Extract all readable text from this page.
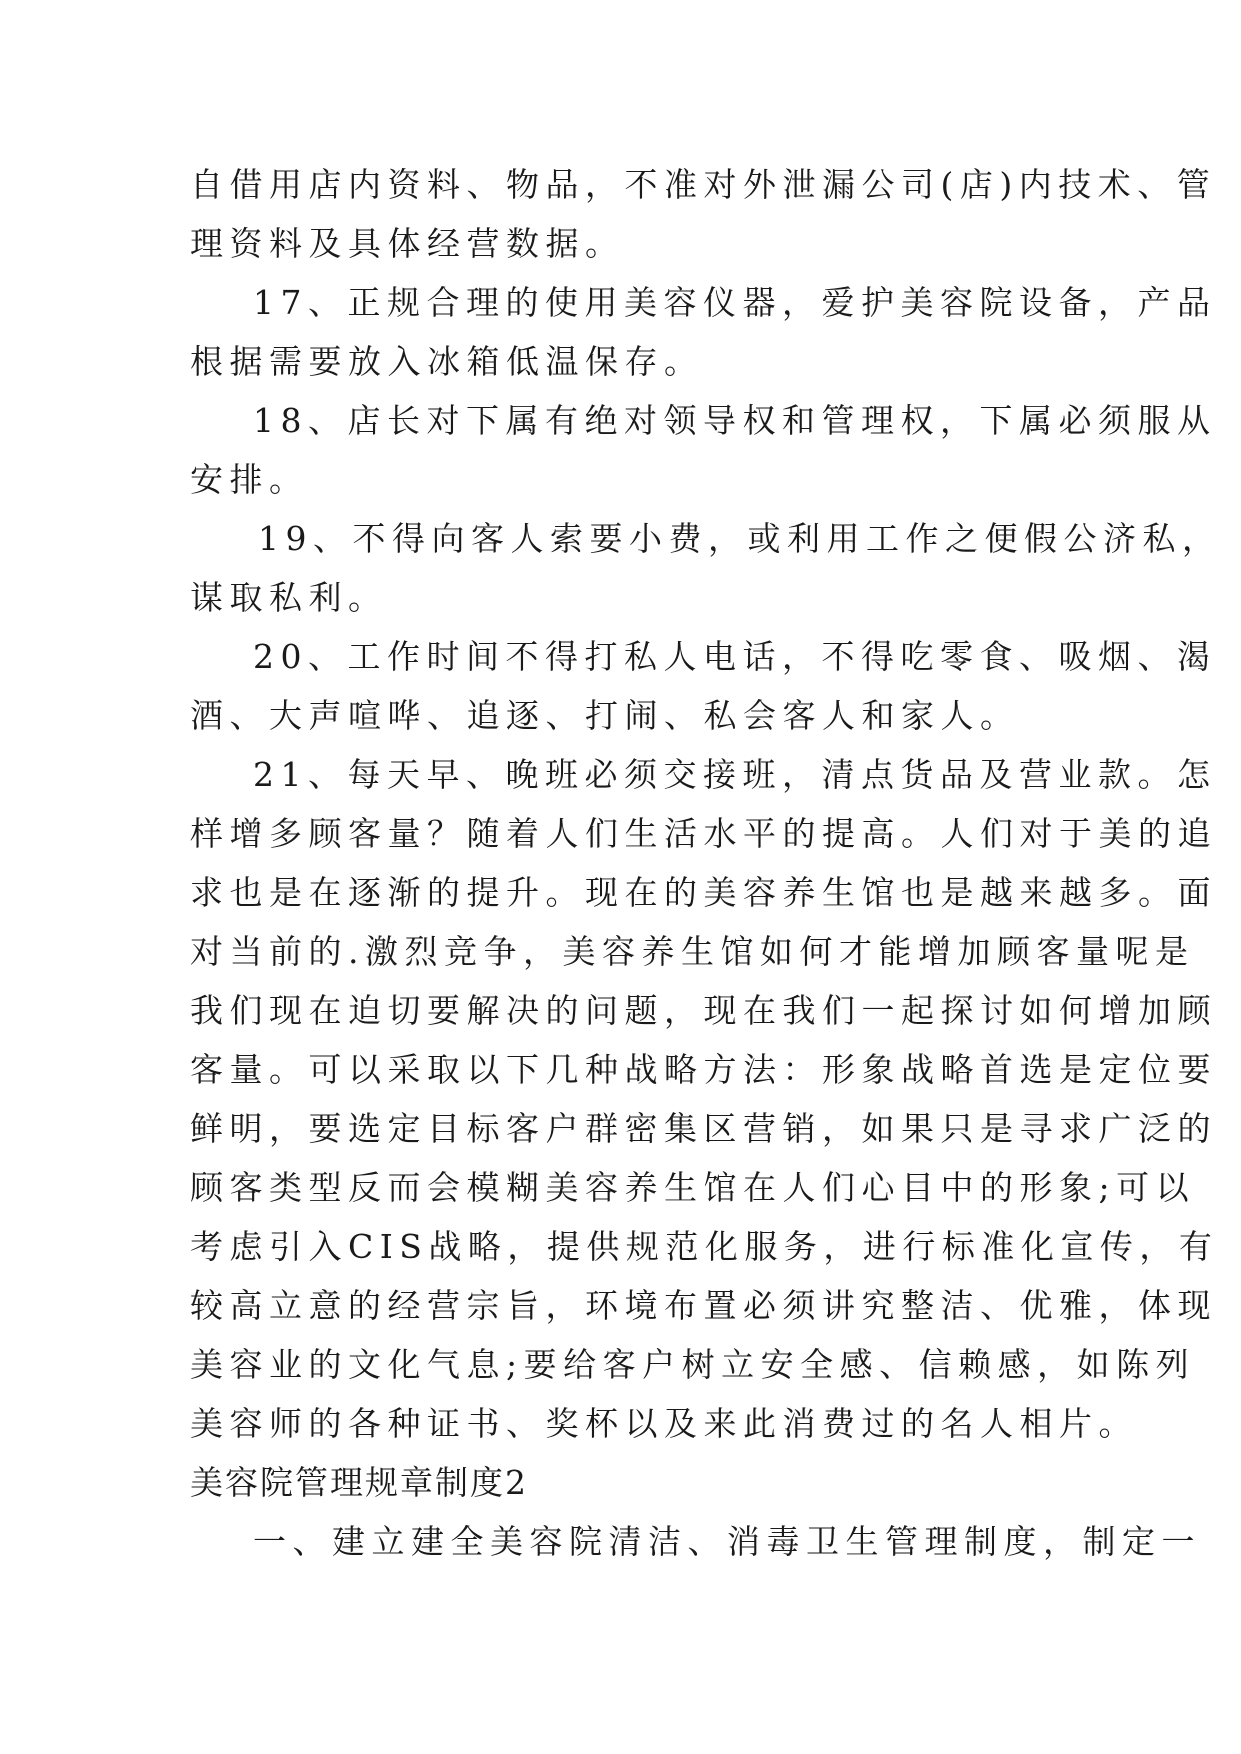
自借用店内资料、物品，不准对外泄漏公司(店)内技术、管
理资料及具体经营数据。
17、正规合理的使用美容仪器，爱护美容院设备，产品
根据需要放入冰箱低温保存。
18、店长对下属有绝对领导权和管理权，下属必须服从
安排。
19、不得向客人索要小费，或利用工作之便假公济私，
谋取私利。
20、工作时间不得打私人电话，不得吃零食、吸烟、渴
酒、大声喧哗、追逐、打闹、私会客人和家人。
21、每天早、晚班必须交接班，清点货品及营业款。怎
样增多顾客量？随着人们生活水平的提高。人们对于美的追
求也是在逐渐的提升。现在的美容养生馆也是越来越多。面
对当前的.激烈竞争，美容养生馆如何才能增加顾客量呢是
我们现在迫切要解决的问题，现在我们一起探讨如何增加顾
客量。可以采取以下几种战略方法：形象战略首选是定位要
鲜明，要选定目标客户群密集区营销，如果只是寻求广泛的
顾客类型反而会模糊美容养生馆在人们心目中的形象;可以
考虑引入CIS战略，提供规范化服务，进行标准化宣传，有
较高立意的经营宗旨，环境布置必须讲究整洁、优雅，体现
美容业的文化气息;要给客户树立安全感、信赖感，如陈列
美容师的各种证书、奖杯以及来此消费过的名人相片。
美容院管理规章制度2
一、建立建全美容院清洁、消毒卫生管理制度，制定一
